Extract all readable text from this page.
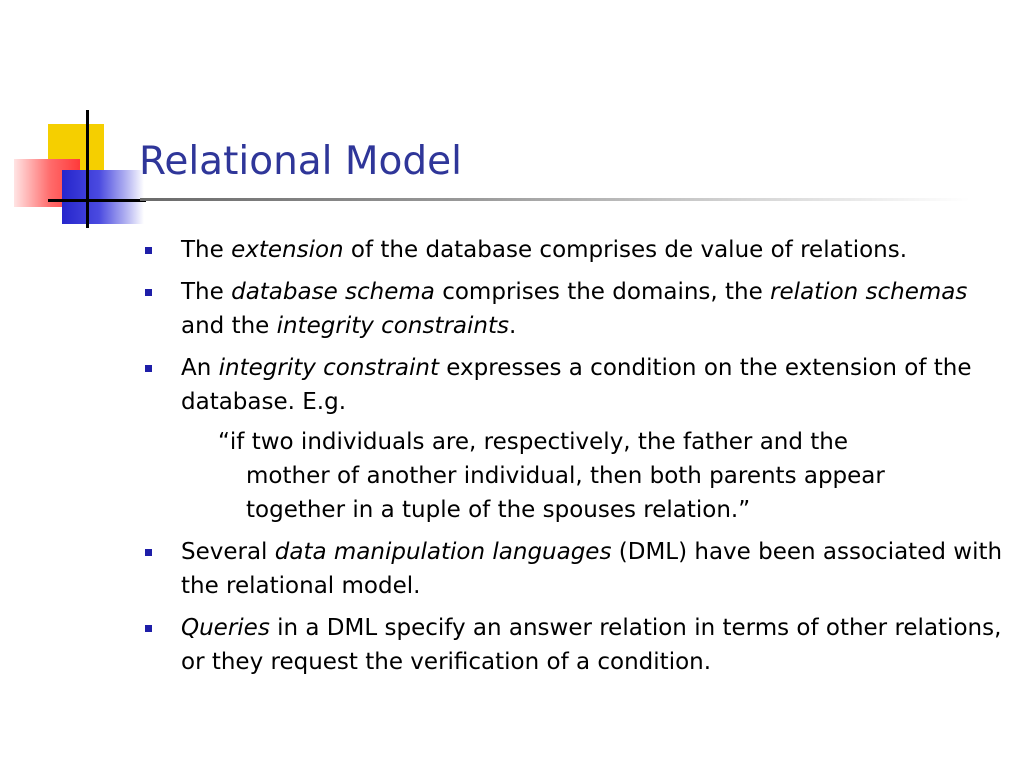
Relational Model
The extension of the database comprises de value of relations.
The database schema comprises the domains, the relation schemas and the integrity constraints.
An integrity constraint expresses a condition on the extension of the database. E.g.
“if two individuals are, respectively, the father and the mother of another individual, then both parents appear together in a tuple of the spouses relation.”
Several data manipulation languages (DML) have been associated with the relational model.
Queries in a DML specify an answer relation in terms of other relations, or they request the verification of a condition.
